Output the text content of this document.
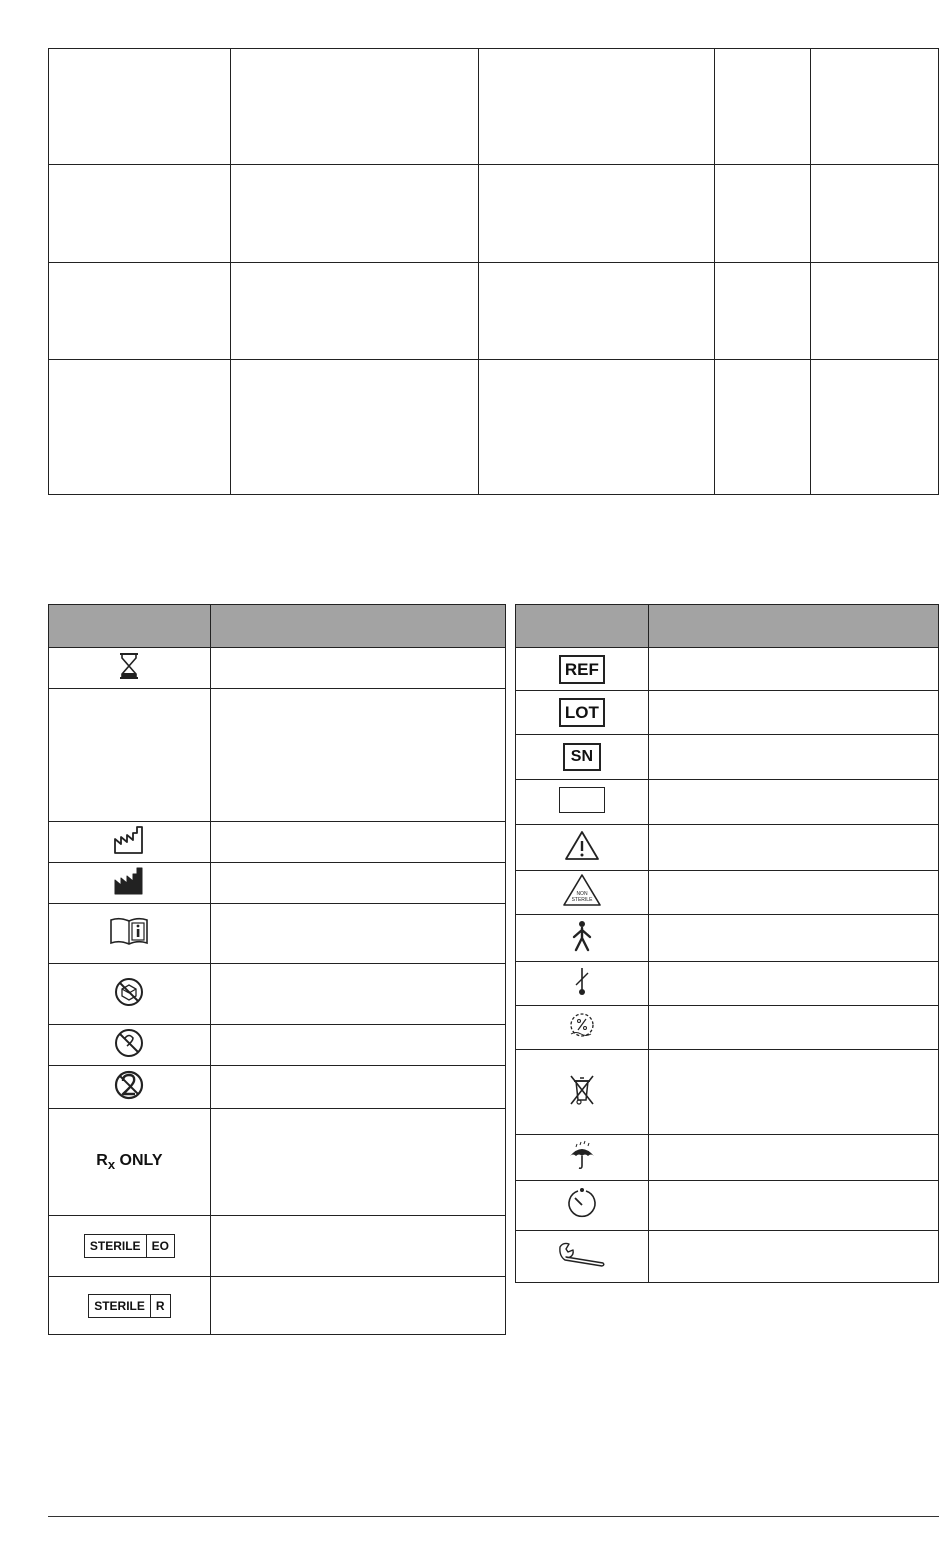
$R_x$ ONLY	

STERILE EO	

STERILE R	

REF	
LOT	
SN	

NON
STERILE	
